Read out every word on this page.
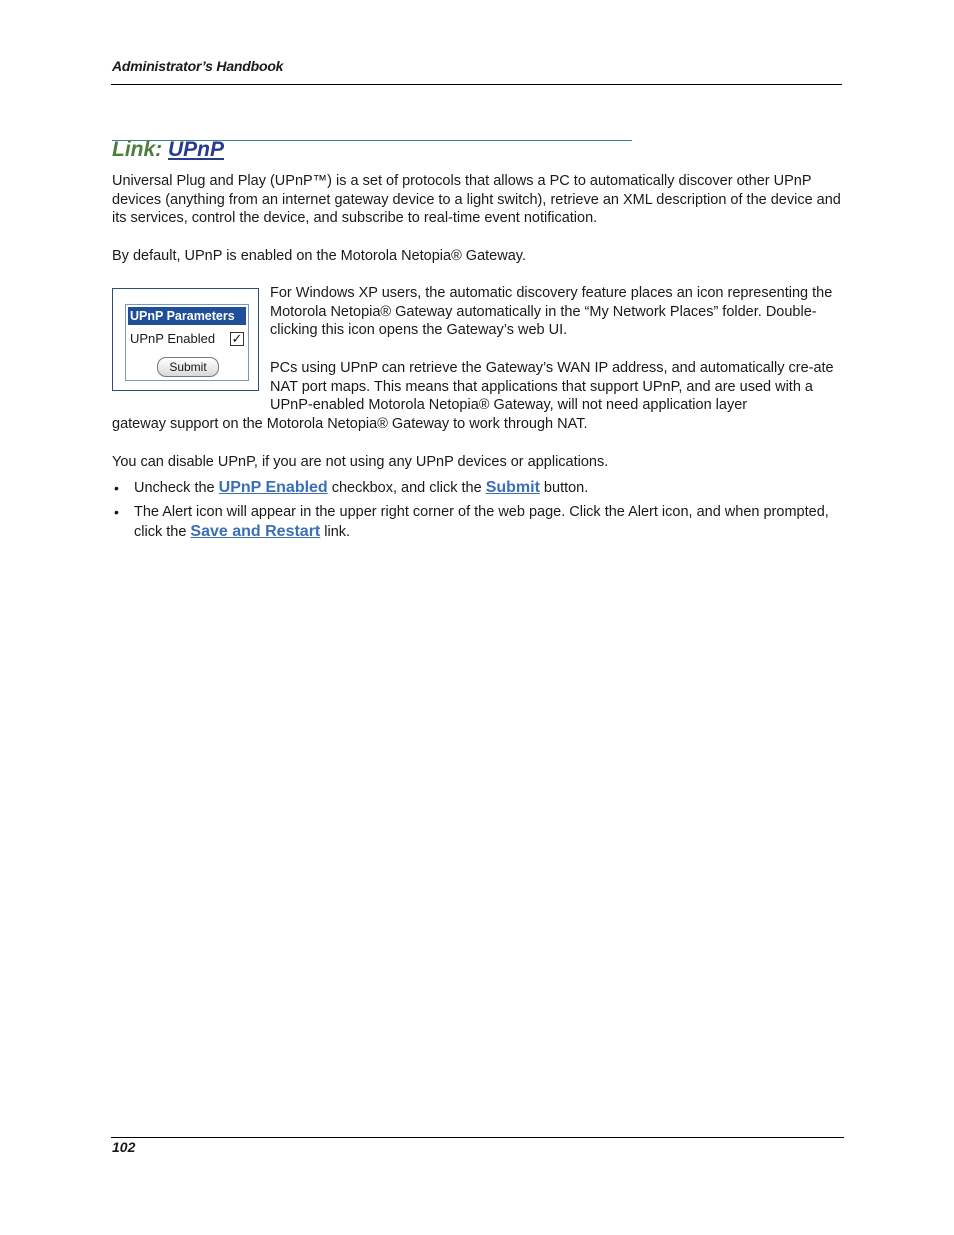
Administrator’s Handbook
Link: UPnP

Universal Plug and Play (UPnP™) is a set of protocols that allows a PC to automatically discover other UPnP devices (anything from an internet gateway device to a light switch), retrieve an XML description of the device and its services, control the device, and subscribe to real-time event notification.

By default, UPnP is enabled on the Motorola Netopia® Gateway.

UPnP Parameters
UPnP Enabled ✓
Submit

For Windows XP users, the automatic discovery feature places an icon representing the Motorola Netopia® Gateway automatically in the “My Network Places” folder. Double-clicking this icon opens the Gateway’s web UI.

PCs using UPnP can retrieve the Gateway’s WAN IP address, and automatically cre-ate NAT port maps. This means that applications that support UPnP, and are used with a UPnP-enabled Motorola Netopia® Gateway, will not need application layer

gateway support on the Motorola Netopia® Gateway to work through NAT.

You can disable UPnP, if you are not using any UPnP devices or applications.

• Uncheck the UPnP Enabled checkbox, and click the Submit button.
• The Alert icon will appear in the upper right corner of the web page. Click the Alert icon, and when prompted, click the Save and Restart link.
102
